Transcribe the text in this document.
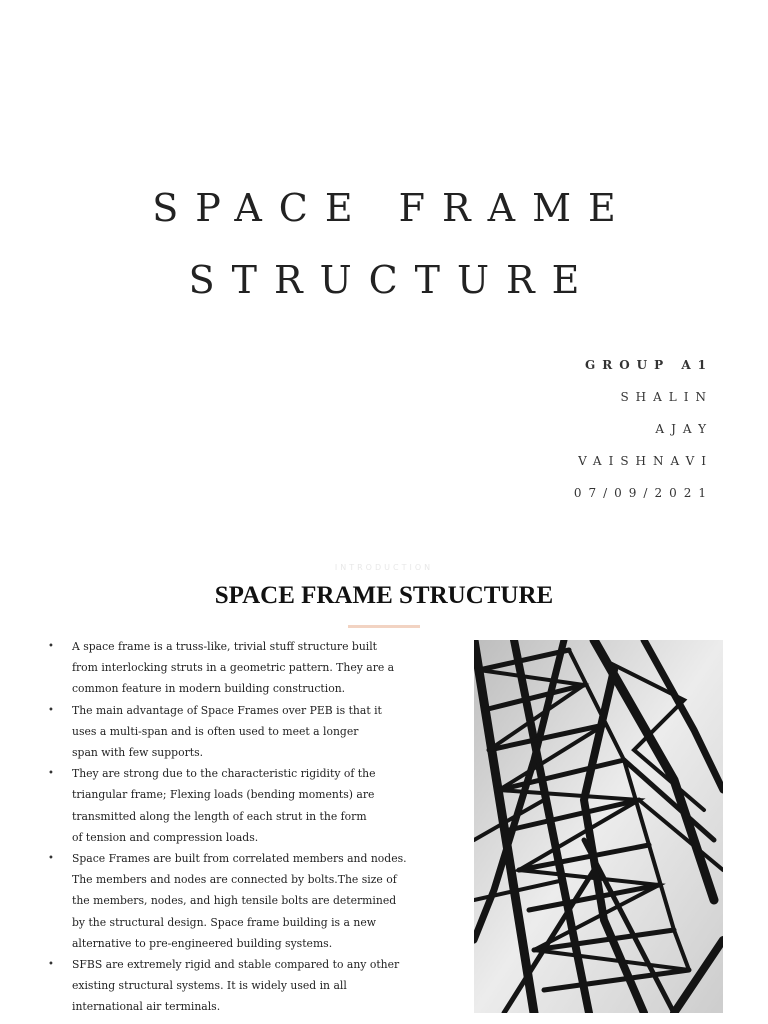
SPACE FRAME
STRUCTURE
GROUP A1
SHALIN
AJAY
VAISHNAVI
07/09/2021
INTRODUCTION
SPACE FRAME STRUCTURE
• A space frame is a truss-like, trivial stuff structure built
from interlocking struts in a geometric pattern. They are a
common feature in modern building construction.
• The main advantage of Space Frames over PEB is that it
uses a multi-span and is often used to meet a longer
span with few supports.
• They are strong due to the characteristic rigidity of the
triangular frame; Flexing loads (bending moments) are
transmitted along the length of each strut in the form
of tension and compression loads.
• Space Frames are built from correlated members and nodes.
The members and nodes are connected by bolts.The size of
the members, nodes, and high tensile bolts are determined
by the structural design. Space frame building is a new
alternative to pre-engineered building systems.
• SFBS are extremely rigid and stable compared to any other
existing structural systems. It is widely used in all
international air terminals.
